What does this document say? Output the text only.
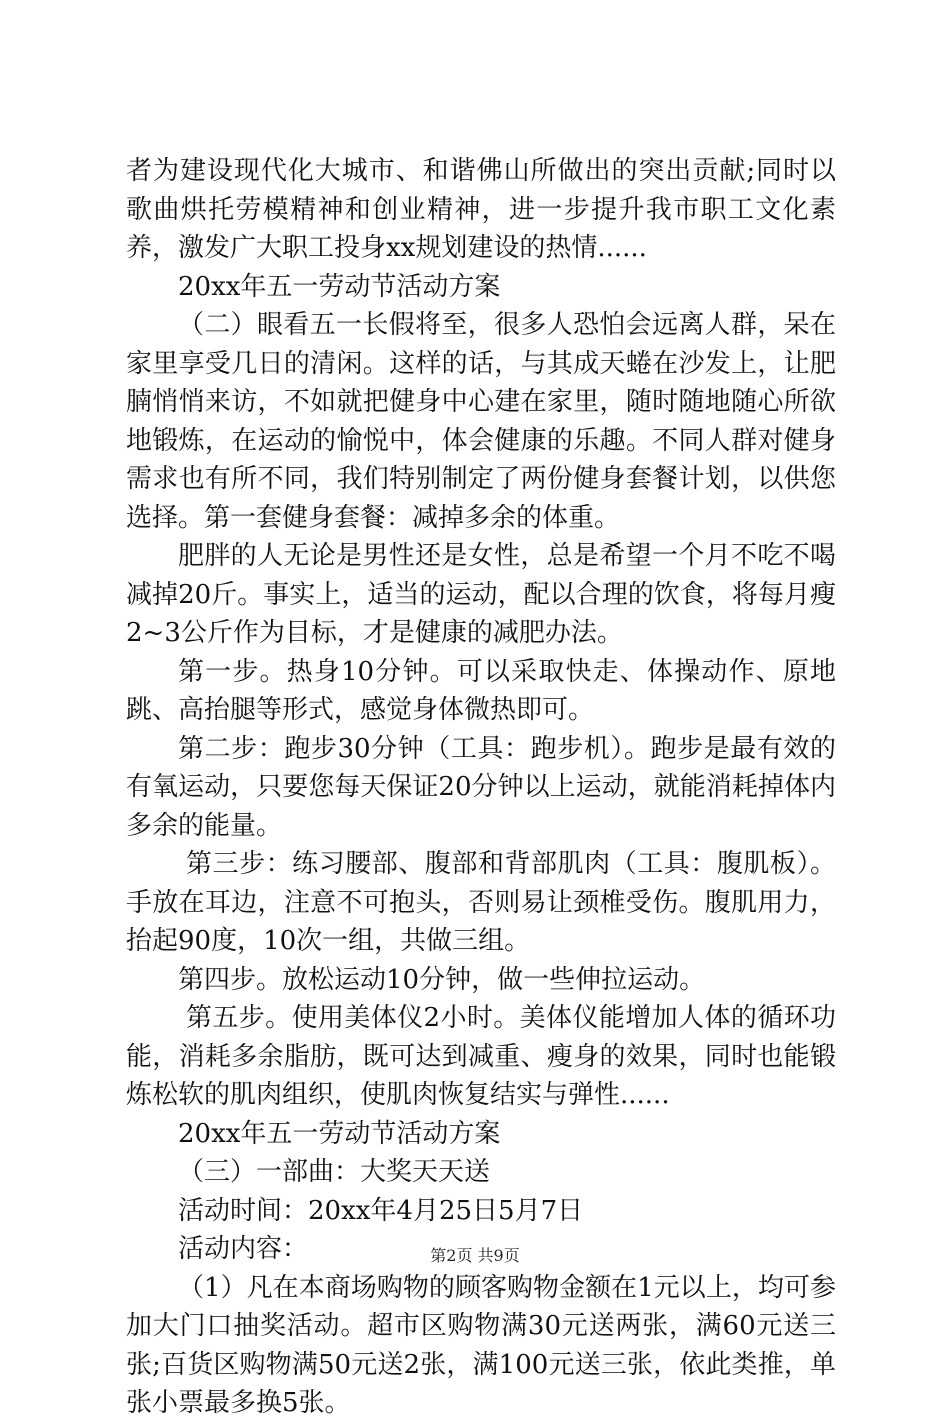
者为建设现代化大城市、和谐佛山所做出的突出贡献;同时以歌曲烘托劳模精神和创业精神，进一步提升我市职工文化素养，激发广大职工投身xx规划建设的热情......

20xx年五一劳动节活动方案

（二）眼看五一长假将至，很多人恐怕会远离人群，呆在家里享受几日的清闲。这样的话，与其成天蜷在沙发上，让肥腩悄悄来访，不如就把健身中心建在家里，随时随地随心所欲地锻炼，在运动的愉悦中，体会健康的乐趣。不同人群对健身需求也有所不同，我们特别制定了两份健身套餐计划，以供您选择。第一套健身套餐：减掉多余的体重。

肥胖的人无论是男性还是女性，总是希望一个月不吃不喝减掉20斤。事实上，适当的运动，配以合理的饮食，将每月瘦2~3公斤作为目标，才是健康的减肥办法。

第一步。热身10分钟。可以采取快走、体操动作、原地跳、高抬腿等形式，感觉身体微热即可。

第二步：跑步30分钟（工具：跑步机）。跑步是最有效的有氧运动，只要您每天保证20分钟以上运动，就能消耗掉体内多余的能量。

第三步：练习腰部、腹部和背部肌肉（工具：腹肌板）。手放在耳边，注意不可抱头，否则易让颈椎受伤。腹肌用力，抬起90度，10次一组，共做三组。

第四步。放松运动10分钟，做一些伸拉运动。

第五步。使用美体仪2小时。美体仪能增加人体的循环功能，消耗多余脂肪，既可达到减重、瘦身的效果，同时也能锻炼松软的肌肉组织，使肌肉恢复结实与弹性......

20xx年五一劳动节活动方案

（三）一部曲：大奖天天送

活动时间：20xx年4月25日5月7日

活动内容：

（1）凡在本商场购物的顾客购物金额在1元以上，均可参加大门口抽奖活动。超市区购物满30元送两张，满60元送三张;百货区购物满50元送2张，满100元送三张，依此类推，单张小票最多换5张。

第2页 共9页
